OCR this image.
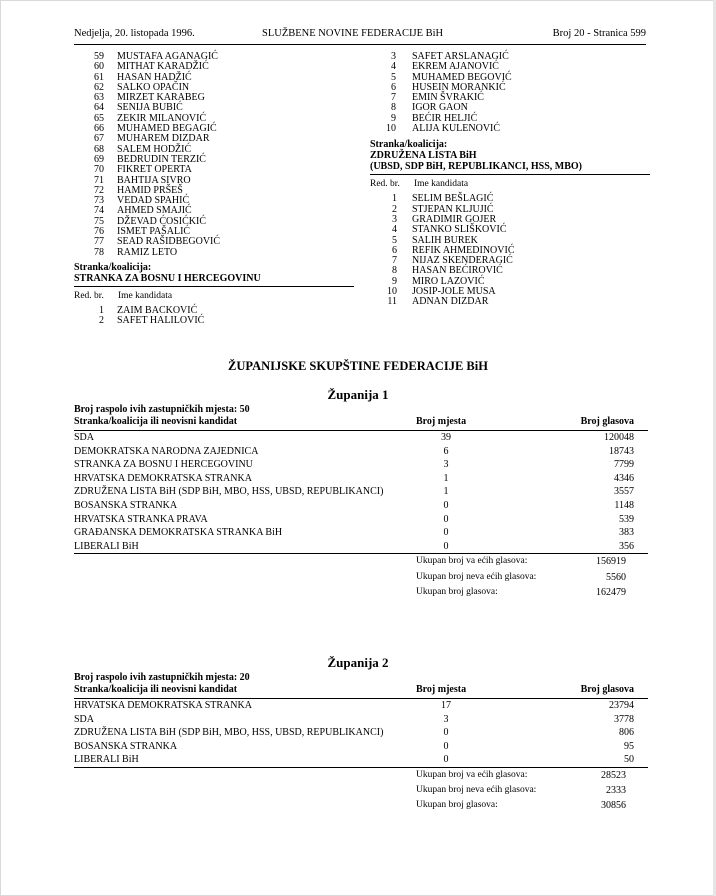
Nedjelja, 20. listopada 1996.	SLUŽBENE NOVINE FEDERACIJE BiH	Broj 20 - Stranica 599
59 MUSTAFA AGANAGIĆ
60 MITHAT KARADŽIĆ
61 HASAN HADŽIĆ
62 SALKO OPAČIN
63 MIRZET KARABEG
64 SENIJA BUBIĆ
65 ZEKIR MILANOVIĆ
66 MUHAMED BEGAGIĆ
67 MUHAREM DIZDAR
68 SALEM HODŽIĆ
69 BEDRUDIN TERZIĆ
70 FIKRET OPERTA
71 BAHTIJA SIVRO
72 HAMID PRŠEŠ
73 VEDAD SPAHIĆ
74 AHMED SMAJIĆ
75 DŽEVAD ĆOSIĆKIĆ
76 ISMET PAŠALIĆ
77 SEAD RAŠIDBEGOVIĆ
78 RAMIZ LETO
Stranka/koalicija:
STRANKA ZA BOSNU I HERCEGOVINU
Red. br. Ime kandidata
1 ZAIM BACKOVIĆ
2 SAFET HALILOVIĆ
3 SAFET ARSLANAGIĆ
4 EKREM AJANOVIĆ
5 MUHAMED BEGOVIĆ
6 HUSEIN MORANKIĆ
7 EMIN ŠVRAKIĆ
8 IGOR GAON
9 BEĆIR HELJIĆ
10 ALIJA KULENOVIĆ
Stranka/koalicija:
ZDRUŽENA LISTA BiH
(UBSD, SDP BiH, REPUBLIKANCI, HSS, MBO)
Red. br. Ime kandidata
1 SELIM BEŠLAGIĆ
2 STJEPAN KLJUJIĆ
3 GRADIMIR GOJER
4 STANKO SLIŠKOVIĆ
5 SALIH BUREK
6 REFIK AHMEDINOVIĆ
7 NIJAZ SKENDERAGIĆ
8 HASAN BEĆIROVIĆ
9 MIRO LAZOVIĆ
10 JOSIP-JOLE MUSA
11 ADNAN DIZDAR
ŽUPANIJSKE SKUPŠTINE FEDERACIJE BiH
Županija 1
Broj raspolo ivih zastupničkih mjesta: 50
Stranka/koalicija ili neovisni kandidat	Broj mjesta	Broj glasova
SDA	39	120048
DEMOKRATSKA NARODNA ZAJEDNICA	6	18743
STRANKA ZA BOSNU I HERCEGOVINU	3	7799
HRVATSKA DEMOKRATSKA STRANKA	1	4346
ZDRUŽENA LISTA BiH (SDP BiH, MBO, HSS, UBSD, REPUBLIKANCI)	1	3557
BOSANSKA STRANKA	0	1148
HRVATSKA STRANKA PRAVA	0	539
GRAĐANSKA DEMOKRATSKA STRANKA BiH	0	383
LIBERALI BiH	0	356
Ukupan broj va ećih glasova:	156919
Ukupan broj neva ećih glasova:	5560
Ukupan broj glasova:	162479
Županija 2
Broj raspolo ivih zastupničkih mjesta: 20
Stranka/koalicija ili neovisni kandidat	Broj mjesta	Broj glasova
HRVATSKA DEMOKRATSKA STRANKA	17	23794
SDA	3	3778
ZDRUŽENA LISTA BiH (SDP BiH, MBO, HSS, UBSD, REPUBLIKANCI)	0	806
BOSANSKA STRANKA	0	95
LIBERALI BiH	0	50
Ukupan broj va ećih glasova:	28523
Ukupan broj neva ećih glasova:	2333
Ukupan broj glasova:	30856
